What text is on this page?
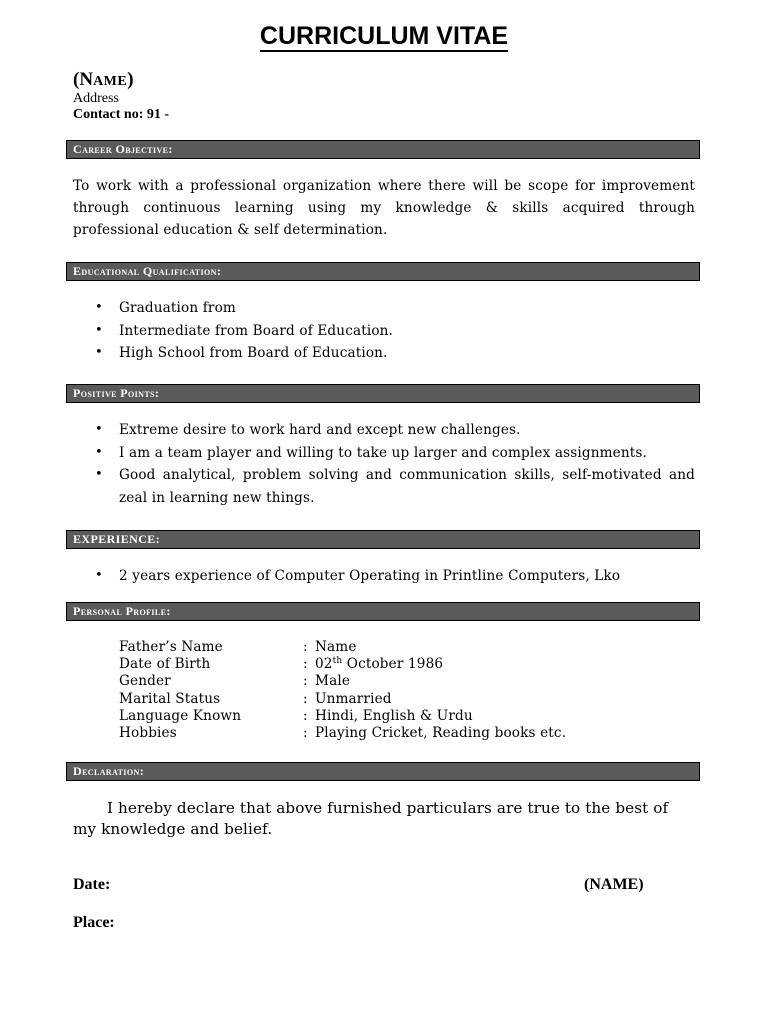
CURRICULUM VITAE
(NAME)
Address
Contact no: 91 -
Career Objective:
To work with a professional organization where there will be scope for improvement through continuous learning using my knowledge & skills acquired through professional education & self determination.
Educational Qualification:
• Graduation from
• Intermediate from Board of Education.
• High School from Board of Education.
Positive Points:
• Extreme desire to work hard and except new challenges.
• I am a team player and willing to take up larger and complex assignments.
• Good analytical, problem solving and communication skills, self-motivated and zeal in learning new things.
EXPERIENCE:
• 2 years experience of Computer Operating in Printline Computers, Lko
Personal Profile:
Father’s Name	: Name
Date of Birth	: 02th October 1986
Gender	: Male
Marital Status	: Unmarried
Language Known	: Hindi, English & Urdu
Hobbies	: Playing Cricket, Reading books etc.
Declaration:
I hereby declare that above furnished particulars are true to the best of my knowledge and belief.
Date:	(NAME)
Place:
